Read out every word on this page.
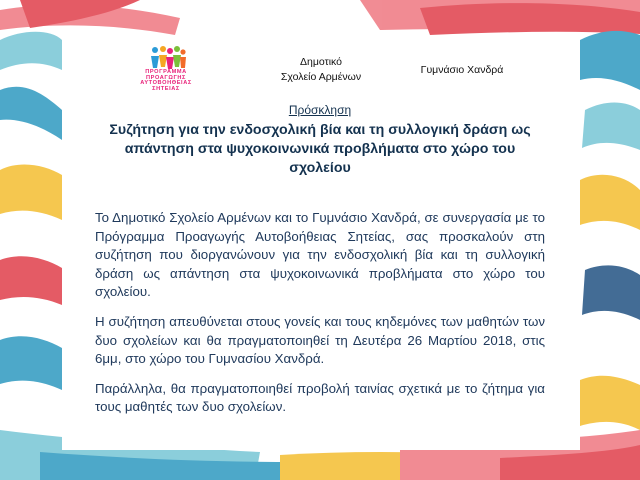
ΠΡΟΓΡΑΜΜΑ
ΠΡΟΑΓΩΓΗΣ
ΑΥΤΟΒΟΗΘΕΙΑΣ
ΣΗΤΕΙΑΣ
Δημοτικό
Σχολείο Αρμένων
Γυμνάσιο Χανδρά
Πρόσκληση
Συζήτηση για την ενδοσχολική βία και τη συλλογική δράση ως απάντηση στα ψυχοκοινωνικά προβλήματα στο χώρο του σχολείου

Το Δημοτικό Σχολείο Αρμένων και το Γυμνάσιο Χανδρά, σε συνεργασία με το Πρόγραμμα Προαγωγής Αυτοβοήθειας Σητείας, σας προσκαλούν στη συζήτηση που διοργανώνουν για την ενδοσχολική βία και τη συλλογική δράση ως απάντηση στα ψυχοκοινωνικά προβλήματα στο χώρο του σχολείου.

Η συζήτηση απευθύνεται στους γονείς και τους κηδεμόνες των μαθητών των δυο σχολείων και θα πραγματοποιηθεί τη Δευτέρα 26 Μαρτίου 2018, στις 6μμ, στο χώρο του Γυμνασίου Χανδρά.

Παράλληλα, θα πραγματοποιηθεί προβολή ταινίας σχετικά με το ζήτημα για τους μαθητές των δυο σχολείων.
